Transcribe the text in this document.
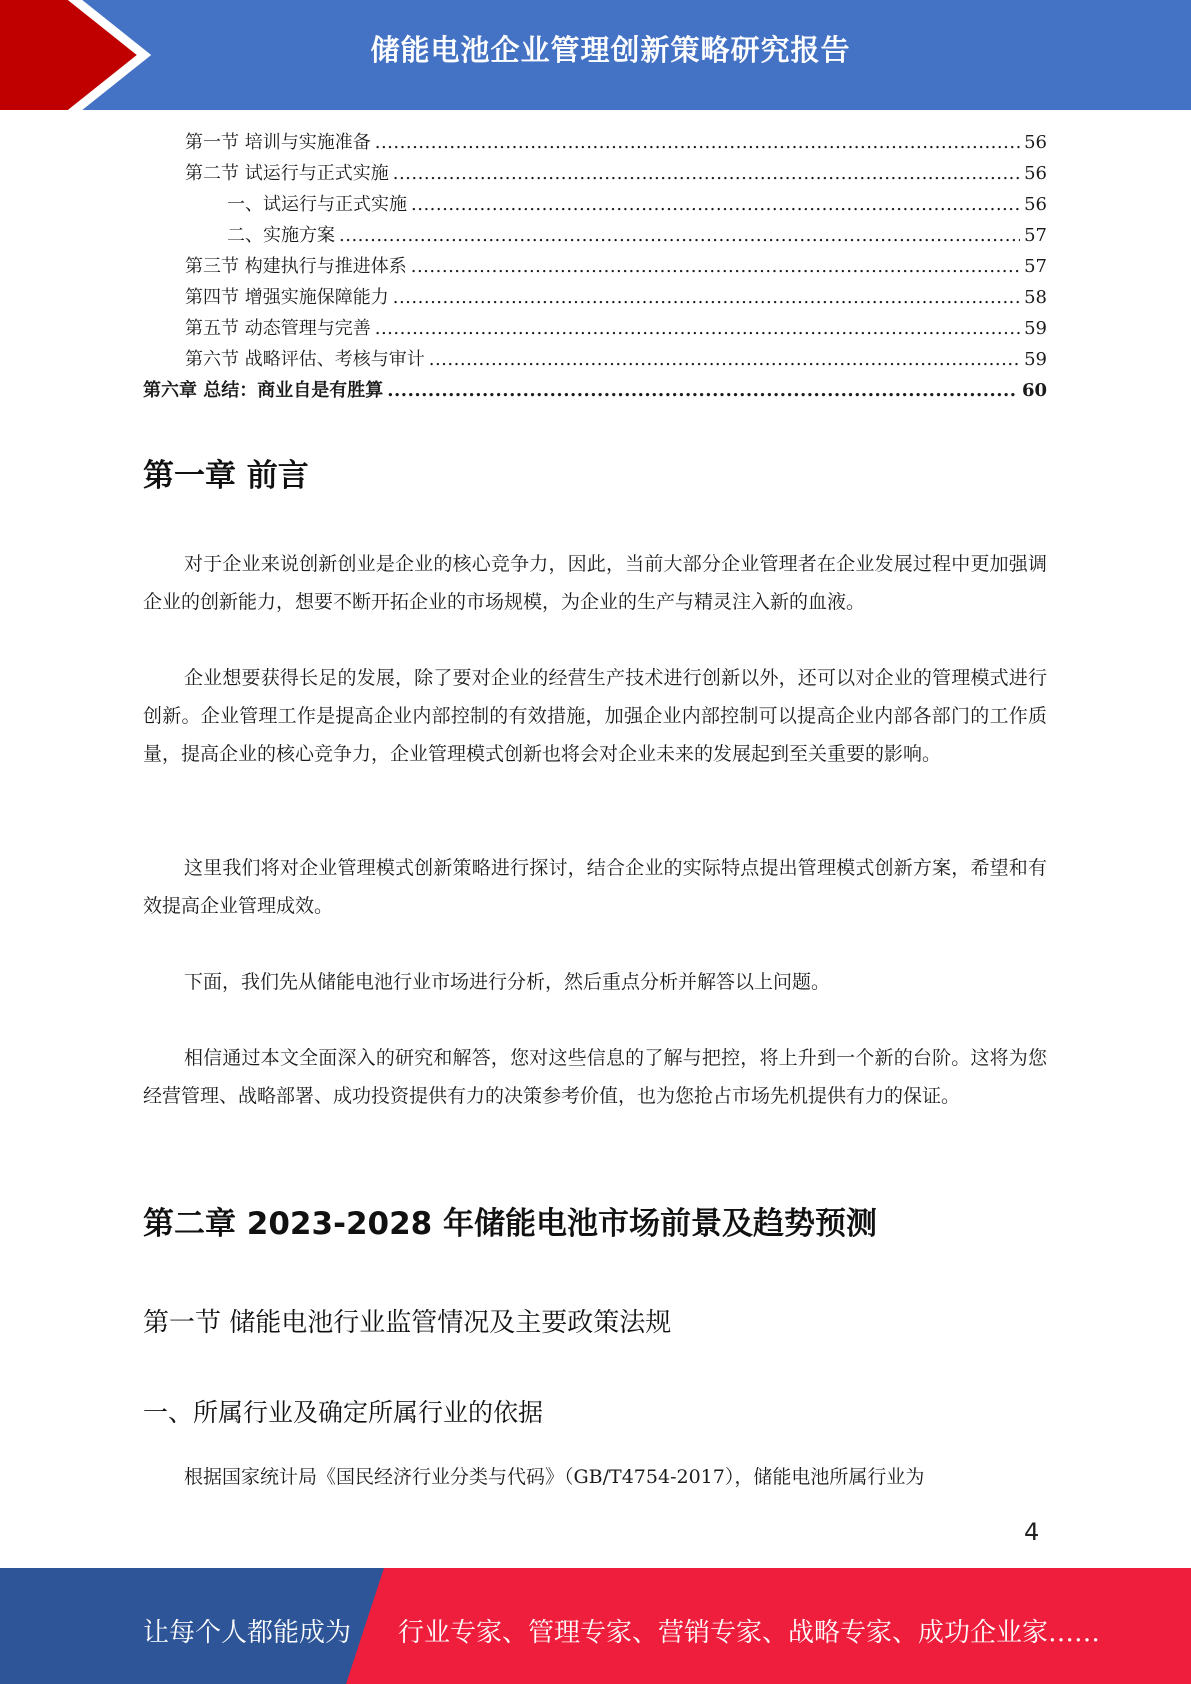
储能电池企业管理创新策略研究报告
第一节 培训与实施准备 .....	56
第二节 试运行与正式实施 .....	56
一、试运行与正式实施 .....	56
二、实施方案 .....	57
第三节 构建执行与推进体系 .....	57
第四节 增强实施保障能力 .....	58
第五节 动态管理与完善 .....	59
第六节 战略评估、考核与审计 .....	59
第六章 总结：商业自是有胜算 .....	60
第一章 前言

对于企业来说创新创业是企业的核心竞争力，因此，当前大部分企业管理者在企业发展过程中更加强调企业的创新能力，想要不断开拓企业的市场规模，为企业的生产与精灵注入新的血液。

企业想要获得长足的发展，除了要对企业的经营生产技术进行创新以外，还可以对企业的管理模式进行创新。企业管理工作是提高企业内部控制的有效措施，加强企业内部控制可以提高企业内部各部门的工作质量，提高企业的核心竞争力，企业管理模式创新也将会对企业未来的发展起到至关重要的影响。

这里我们将对企业管理模式创新策略进行探讨，结合企业的实际特点提出管理模式创新方案，希望和有效提高企业管理成效。

下面，我们先从储能电池行业市场进行分析，然后重点分析并解答以上问题。

相信通过本文全面深入的研究和解答，您对这些信息的了解与把控，将上升到一个新的台阶。这将为您经营管理、战略部署、成功投资提供有力的决策参考价值，也为您抢占市场先机提供有力的保证。

第二章 2023-2028 年储能电池市场前景及趋势预测
第一节 储能电池行业监管情况及主要政策法规
一、所属行业及确定所属行业的依据

根据国家统计局《国民经济行业分类与代码》（GB/T4754-2017），储能电池所属行业为

4
让每个人都能成为 行业专家、管理专家、营销专家、战略专家、成功企业家……
